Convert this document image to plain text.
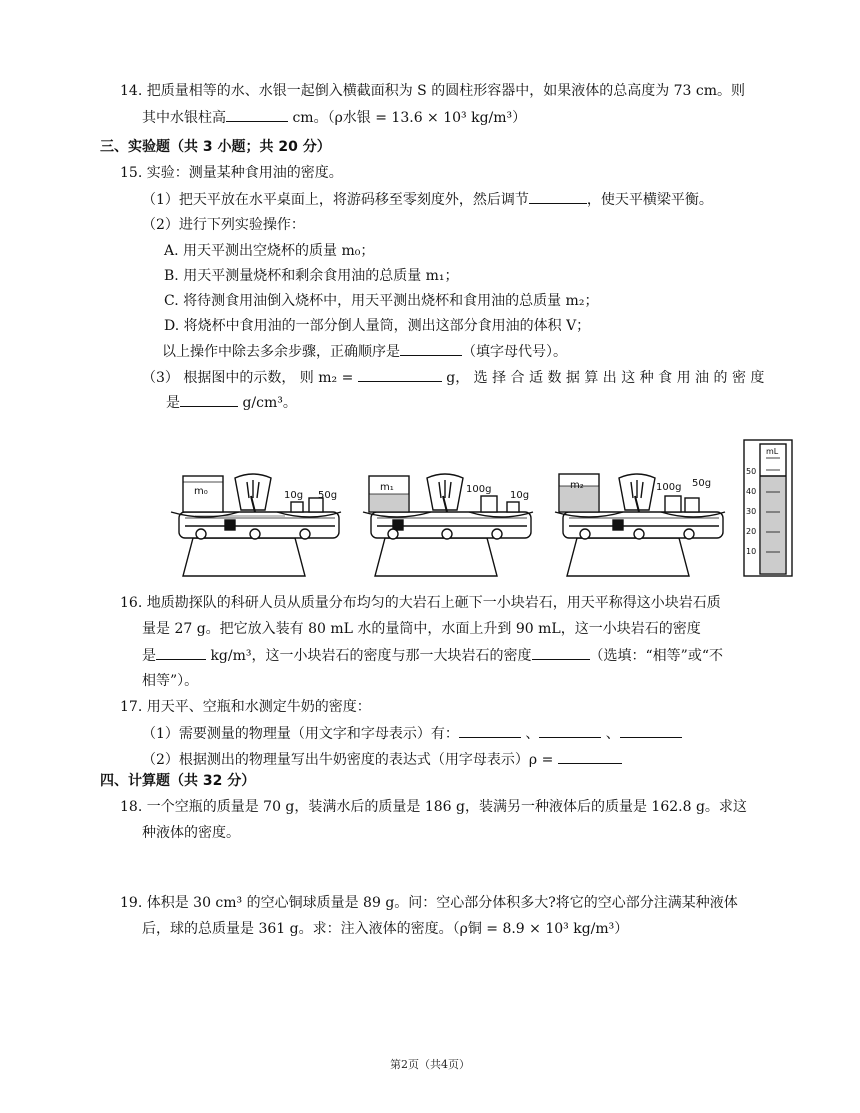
14. 把质量相等的水、水银一起倒入横截面积为 S 的圆柱形容器中，如果液体的总高度为 73 cm。则
其中水银柱高	cm。（ρ水银 = 13.6 × 10³ kg/m³）
三、实验题（共 3 小题；共 20 分）
15. 实验：测量某种食用油的密度。
（1）把天平放在水平桌面上，将游码移至零刻度外，然后调节	，使天平横梁平衡。
（2）进行下列实验操作：
A. 用天平测出空烧杯的质量 m₀；
B. 用天平测量烧杯和剩余食用油的总质量 m₁；
C. 将待测食用油倒入烧杯中，用天平测出烧杯和食用油的总质量 m₂；
D. 将烧杯中食用油的一部分倒人量筒，测出这部分食用油的体积 V；
以上操作中除去多余步骤，正确顺序是	（填字母代号）。
（3） 根据图中的示数， 则 m₂ =	g， 选 择 合 适 数 据 算 出 这 种 食 用 油 的 密 度
是	g/cm³。
m₀	10g 50g
m₁	100g
10g
m₂	100g 50g
mL
50
40
30
20
10
16. 地质勘探队的科研人员从质量分布均匀的大岩石上砸下一小块岩石，用天平称得这小块岩石质
量是 27 g。把它放入装有 80 mL 水的量筒中，水面上升到 90 mL，这一小块岩石的密度
是	kg/m³，这一小块岩石的密度与那一大块岩石的密度	（选填：“相等”或“不
相等”）。
17. 用天平、空瓶和水测定牛奶的密度：
（1）需要测量的物理量（用文字和字母表示）有：	、	、
（2）根据测出的物理量写出牛奶密度的表达式（用字母表示）ρ =
四、计算题（共 32 分）
18. 一个空瓶的质量是 70 g，装满水后的质量是 186 g，装满另一种液体后的质量是 162.8 g。求这
种液体的密度。
19. 体积是 30 cm³ 的空心铜球质量是 89 g。问：空心部分体积多大?将它的空心部分注满某种液体
后，球的总质量是 361 g。求：注入液体的密度。（ρ铜 = 8.9 × 10³ kg/m³）
第2页（共4页）
